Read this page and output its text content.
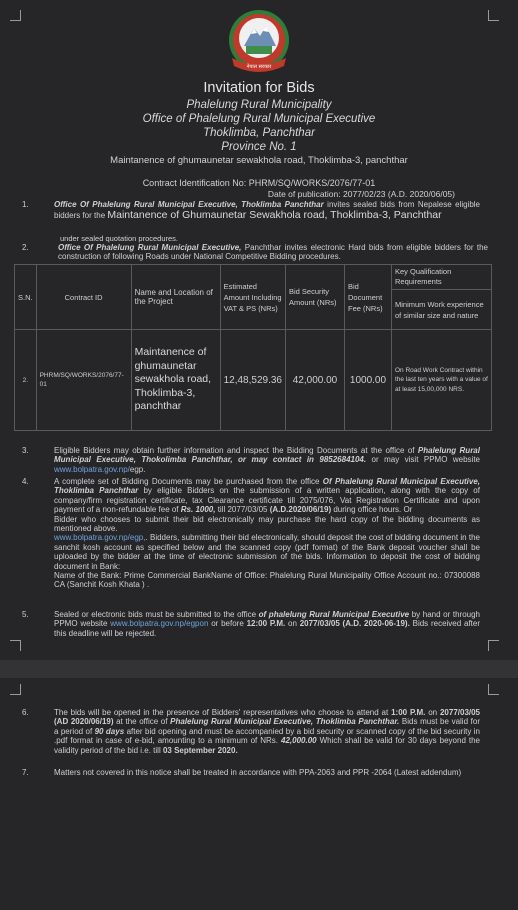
नेपाल सरकार
Invitation for Bids
Phalelung Rural Municipality
Office of Phalelung Rural Municipal Executive
Thoklimba, Panchthar
Province No. 1
Maintanence of ghumaunetar sewakhola road, Thoklimba-3, panchthar
Contract Identification No: PHRM/SQ/WORKS/2076/77-01
Date of publication: 2077/02/23 (A.D. 2020/06/05)
1.	Office Of Phalelung Rural Municipal Executive, Thoklimba Panchthar invites sealed bids from Nepalese eligible bidders for the Maintanence of Ghumaunetar Sewakhola road, Thoklimba-3, Panchthar
under sealed quotation procedures.
2.	Office Of Phalelung Rural Municipal Executive, Panchthar invites electronic Hard bids from eligible bidders for the construction of following Roads under National Competitive Bidding procedures.
S.N.	Contract ID	Name and Location of the Project	Estimated Amount Including VAT & PS (NRs)	Bid Security Amount (NRs)	Bid Document Fee (NRs)	Key Qualification Requirements
						Minimum Work experience of similar size and nature
2.	PHRM/SQ/WORKS/2076/77-01	Maintanence of ghumaunetar sewakhola road, Thoklimba-3, panchthar	12,48,529.36	42,000.00	1000.00	On Road Work Contract within the last ten years with a value of at least 15,00,000 NRS.
3.	Eligible Bidders may obtain further information and inspect the Bidding Documents at the office of Phalelung Rural Municipal Executive, Thokolimba Panchthar, or may contact in 9852684104. or may visit PPMO website www.bolpatra.gov.np/egp.
4.	A complete set of Bidding Documents may be purchased from the office Of Phalelung Rural Municipal Executive, Thoklimba Panchthar by eligible Bidders on the submission of a written application, along with the copy of company/firm registration certificate, tax Clearance certificate till 2075/076, Vat Registration Certificate and upon payment of a non-refundable fee of Rs. 1000, till 2077/03/05 (A.D.2020/06/19) during office hours. Or
Bidder who chooses to submit their bid electronically may purchase the hard copy of the bidding documents as mentioned above.
www.bolpatra.gov.np/egp,. Bidders, submitting their bid electronically, should deposit the cost of bidding document in the sanchit kosh account as specified below and the scanned copy (pdf format) of the Bank deposit voucher shall be uploaded by the bidder at the time of electronic submission of the bids. Information to deposit the cost of bidding document in Bank:
Name of the Bank: Prime Commercial BankName of Office: Phalelung Rural Municipality Office Account no.: 07300088 CA (Sanchit Kosh Khata ) .
5.	Sealed or electronic bids must be submitted to the office of phalelung Rural Municipal Executive by hand or through PPMO website www.bolpatra.gov.np/egpon or before 12:00 P.M. on 2077/03/05 (A.D. 2020-06-19). Bids received after this deadline will be rejected.
6.	The bids will be opened in the presence of Bidders' representatives who choose to attend at 1:00 P.M. on 2077/03/05 (AD 2020/06/19) at the office of Phalelung Rural Municipal Executive, Thoklimba Panchthar. Bids must be valid for a period of 90 days after bid opening and must be accompanied by a bid security or scanned copy of the bid security in .pdf format in case of e-bid, amounting to a minimum of NRs. 42,000.00 Which shall be valid for 30 days beyond the validity period of the bid i.e. till 03 September 2020.
7.	Matters not covered in this notice shall be treated in accordance with PPA-2063 and PPR -2064 (Latest addendum)
